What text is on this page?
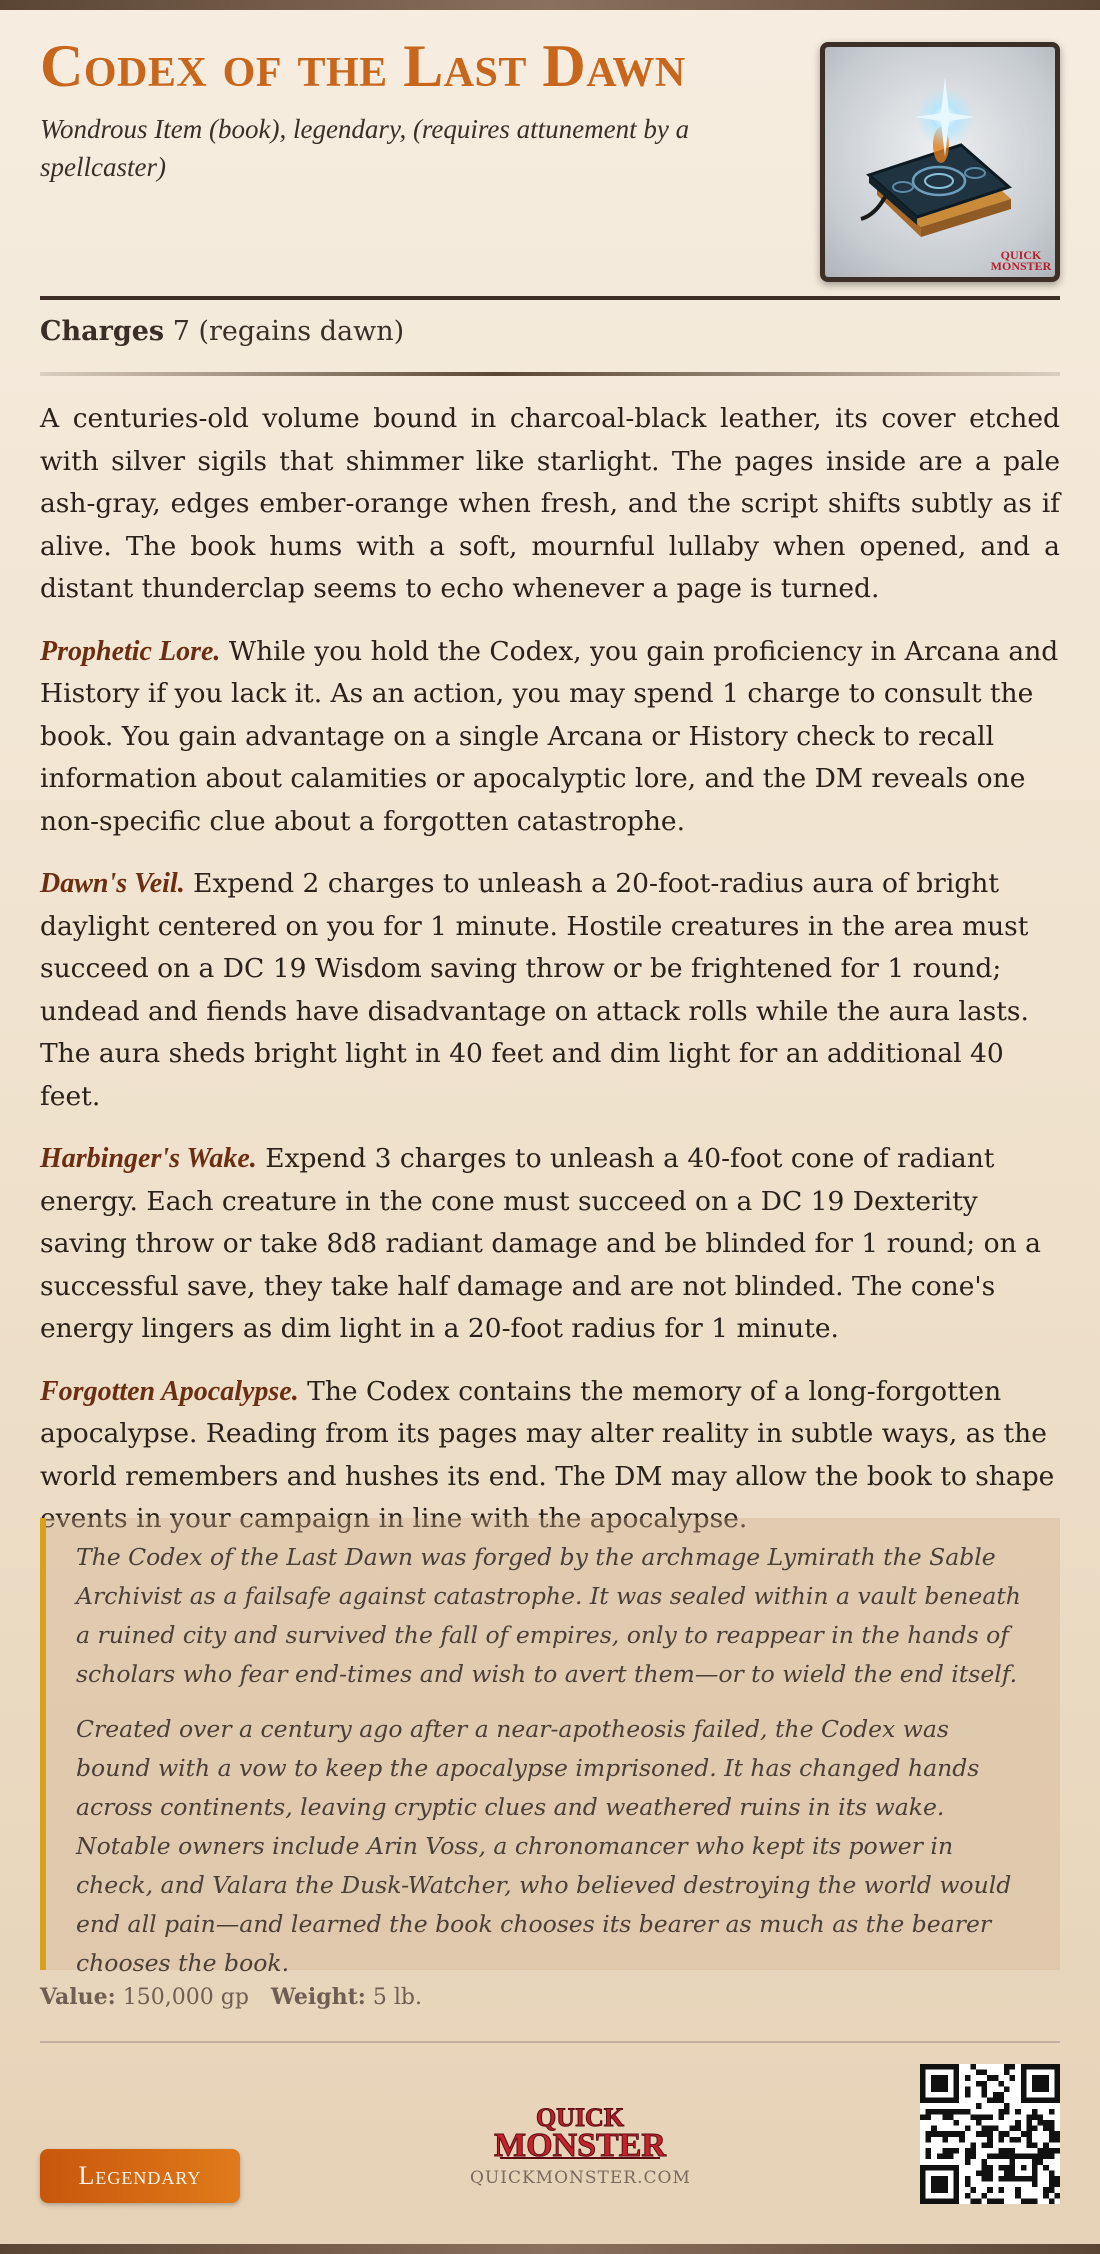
Codex of the Last Dawn

Wondrous Item (book), legendary, (requires attunement by a spellcaster)

QUICK
MONSTER

Charges 7 (regains dawn)

A centuries-old volume bound in charcoal-black leather, its cover etched with silver sigils that shimmer like starlight. The pages inside are a pale ash-gray, edges ember-orange when fresh, and the script shifts subtly as if alive. The book hums with a soft, mournful lullaby when opened, and a distant thunderclap seems to echo whenever a page is turned.

Prophetic Lore. While you hold the Codex, you gain proficiency in Arcana and History if you lack it. As an action, you may spend 1 charge to consult the book. You gain advantage on a single Arcana or History check to recall information about calamities or apocalyptic lore, and the DM reveals one non-specific clue about a forgotten catastrophe.

Dawn's Veil. Expend 2 charges to unleash a 20-foot-radius aura of bright daylight centered on you for 1 minute. Hostile creatures in the area must succeed on a DC 19 Wisdom saving throw or be frightened for 1 round; undead and fiends have disadvantage on attack rolls while the aura lasts. The aura sheds bright light in 40 feet and dim light for an additional 40 feet.

Harbinger's Wake. Expend 3 charges to unleash a 40-foot cone of radiant energy. Each creature in the cone must succeed on a DC 19 Dexterity saving throw or take 8d8 radiant damage and be blinded for 1 round; on a successful save, they take half damage and are not blinded. The cone's energy lingers as dim light in a 20-foot radius for 1 minute.

Forgotten Apocalypse. The Codex contains the memory of a long-forgotten apocalypse. Reading from its pages may alter reality in subtle ways, as the world remembers and hushes its end. The DM may allow the book to shape events in your campaign in line with the apocalypse.

The Codex of the Last Dawn was forged by the archmage Lymirath the Sable Archivist as a failsafe against catastrophe. It was sealed within a vault beneath a ruined city and survived the fall of empires, only to reappear in the hands of scholars who fear end-times and wish to avert them—or to wield the end itself.

Created over a century ago after a near-apotheosis failed, the Codex was bound with a vow to keep the apocalypse imprisoned. It has changed hands across continents, leaving cryptic clues and weathered ruins in its wake. Notable owners include Arin Voss, a chronomancer who kept its power in check, and Valara the Dusk-Watcher, who believed destroying the world would end all pain—and learned the book chooses its bearer as much as the bearer chooses the book.

Value: 150,000 gp Weight: 5 lb.

Legendary
QUICK
MONSTER
QUICKMONSTER.COM
